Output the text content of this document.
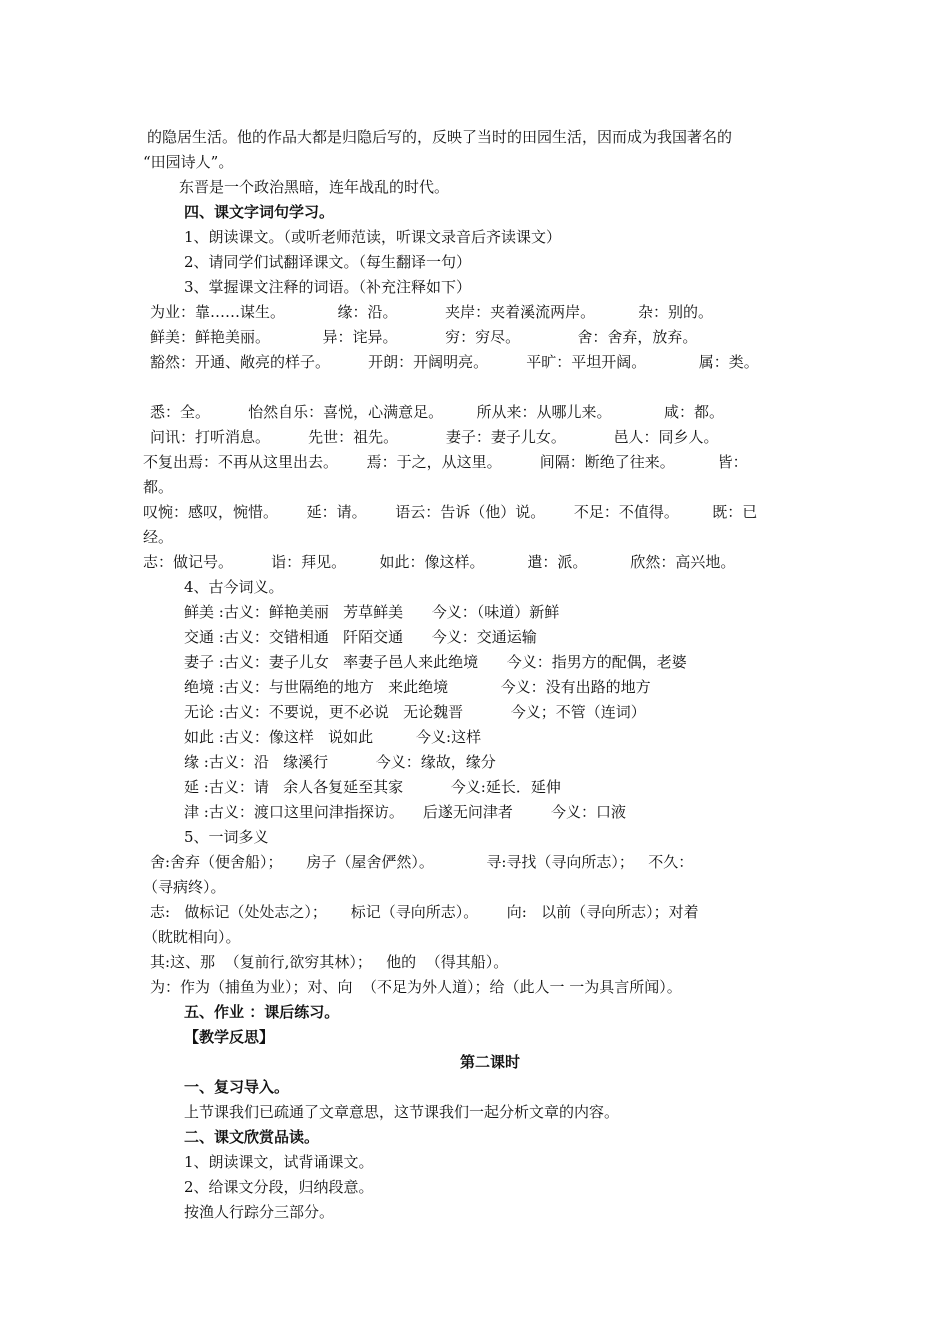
的隐居生活。他的作品大都是归隐后写的，反映了当时的田园生活，因而成为我国著名的
“田园诗人”。
东晋是一个政治黑暗，连年战乱的时代。
四、课文字词句学习。
1、朗读课文。（或听老师范读，听课文录音后齐读课文）
2、请同学们试翻译课文。（每生翻译一句）
3、掌握课文注释的词语。（补充注释如下）
为业：靠……谋生。           缘：沿。          夹岸：夹着溪流两岸。         杂：别的。
鲜美：鲜艳美丽。           异：诧异。          穷：穷尽。            舍：舍弃，放弃。
豁然：开通、敞亮的样子。        开朗：开阔明亮。        平旷：平坦开阔。           属：类。
悉：全。        怡然自乐：喜悦，心满意足。       所从来：从哪儿来。           咸：都。
问讯：打听消息。        先世：祖先。          妻子：妻子儿女。          邑人：同乡人。
不复出焉：不再从这里出去。      焉：于之，从这里。        间隔：断绝了往来。         皆：
都。
叹惋：感叹，惋惜。      延：请。      语云：告诉（他）说。      不足：不值得。       既：已
经。
志：做记号。        诣：拜见。       如此：像这样。         遣：派。         欣然：高兴地。
4、古今词义。
鲜美 :古义：鲜艳美丽   芳草鲜美      今义：（味道）新鲜
交通 :古义：交错相通   阡陌交通      今义：交通运输
妻子 :古义：妻子儿女   率妻子邑人来此绝境      今义：指男方的配偶，老婆
绝境 :古义：与世隔绝的地方   来此绝境           今义：没有出路的地方
无论 :古义：不要说，更不必说   无论魏晋          今义；不管（连词）
如此 :古义：像这样   说如此         今义:这样
缘 :古义：沿   缘溪行          今义：缘故，缘分
延 :古义：请   余人各复延至其家          今义:延长．延伸
津 :古义：渡口这里问津指探访。    后遂无问津者        今义：口液
5、一词多义
舍:舍弃（便舍船）；     房子（屋舍俨然）。           寻:寻找（寻向所志）；   不久：
（寻病终）。
志:   做标记（处处志之）；     标记（寻向所志）。      向:   以前（寻向所志）；对着
（眈眈相向）。
其:这、那  （复前行,欲穷其林）；   他的  （得其船）。
为：作为（捕鱼为业）；对、向  （不足为外人道）；给（此人一 一为具言所闻）。
五、作业 ：课后练习。
【教学反思】
第二课时
一、复习导入。
上节课我们已疏通了文章意思，这节课我们一起分析文章的内容。
二、课文欣赏品读。
1、朗读课文，试背诵课文。
2、给课文分段，归纳段意。
按渔人行踪分三部分。
